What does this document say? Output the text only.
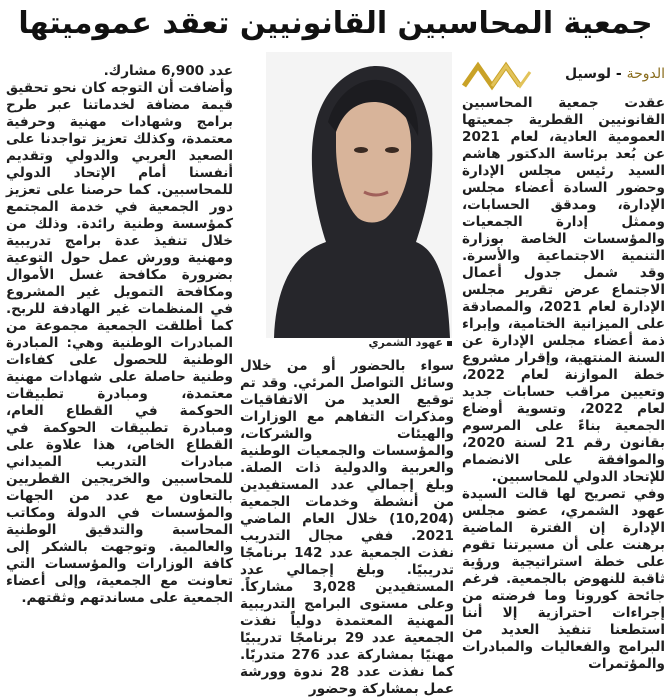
جمعية المحاسبين القانونيين تعقد عموميتها
الدوحة - لوسيل

عقدت جمعية المحاسبين القانونيين القطرية جمعيتها العمومية العادية، لعام 2021 عن بُعد برئاسة الدكتور هاشم السيد رئيس مجلس الإدارة وحضور السادة أعضاء مجلس الإدارة، ومدقق الحسابات، وممثل إدارة الجمعيات والمؤسسات الخاصة بوزارة التنمية الاجتماعية والأسرة. وقد شمل جدول أعمال الاجتماع عرض تقرير مجلس الإدارة لعام 2021، والمصادقة على الميزانية الختامية، وإبراء ذمة أعضاء مجلس الإدارة عن السنة المنتهية، وإقرار مشروع خطة الموازنة لعام 2022، وتعيين مراقب حسابات جديد لعام 2022، وتسوية أوضاع الجمعية بناءً على المرسوم بقانون رقم 21 لسنة 2020، والموافقة على الانضمام للإتحاد الدولي للمحاسبين.

وفي تصريح لها قالت السيدة عهود الشمري، عضو مجلس الإدارة إن الفترة الماضية برهنت على أن مسيرتنا تقوم على خطة استراتيجية ورؤية ثاقبة للنهوض بالجمعية. فرغم جائحة كورونا وما فرضته من إجراءات احترازية إلا أننا استطعنا تنفيذ العديد من البرامج والفعاليات والمبادرات والمؤتمرات

عهود الشمري

سواء بالحضور أو من خلال وسائل التواصل المرئي. وقد تم توقيع العديد من الاتفاقيات ومذكرات التفاهم مع الوزارات والهيئات والشركات، والمؤسسات والجمعيات الوطنية والعربية والدولية ذات الصلة. وبلغ إجمالي عدد المستفيدين من أنشطة وخدمات الجمعية (10,204) خلال العام الماضي 2021. ففي مجال التدريب نفذت الجمعية عدد 142 برنامجًا تدريبيًا. وبلغ إجمالي عدد المستفيدين 3,028 مشاركاً. وعلى مستوى البرامج التدريبية المهنية المعتمدة دولياً نفذت الجمعية عدد 29 برنامجًا تدريبيًا مهنيًا بمشاركة عدد 276 متدربًا. كما نفذت عدد 28 ندوة وورشة عمل بمشاركة وحضور

عدد 6,900 مشارك.

وأضافت أن التوجه كان نحو تحقيق قيمة مضافة لخدماتنا عبر طرح برامج وشهادات مهنية وحرفية معتمدة، وكذلك تعزيز تواجدنا على الصعيد العربي والدولي وتقديم أنفسنا أمام الإتحاد الدولي للمحاسبين. كما حرصنا على تعزيز دور الجمعية في خدمة المجتمع كمؤسسة وطنية رائدة. وذلك من خلال تنفيذ عدة برامج تدريبية ومهنية وورش عمل حول التوعية بضرورة مكافحة غسل الأموال ومكافحة التمويل غير المشروع في المنظمات غير الهادفة للربح. كما أطلقت الجمعية مجموعة من المبادرات الوطنية وهي: المبادرة الوطنية للحصول على كفاءات وطنية حاصلة على شهادات مهنية معتمدة، ومبادرة تطبيقات الحوكمة في القطاع العام، ومبادرة تطبيقات الحوكمة في القطاع الخاص، هذا علاوة على مبادرات التدريب الميداني للمحاسبين والخريجين القطريين بالتعاون مع عدد من الجهات والمؤسسات في الدولة ومكاتب المحاسبة والتدقيق الوطنية والعالمية. وتوجهت بالشكر إلى كافة الوزارات والمؤسسات التي تعاونت مع الجمعية، وإلى أعضاء الجمعية على مساندتهم وثقتهم.
